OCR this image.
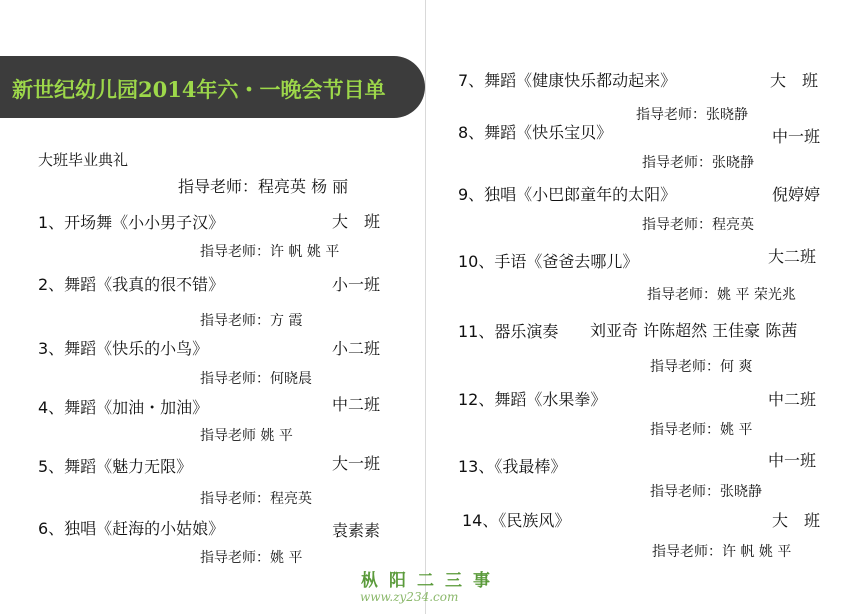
新世纪幼儿园2014年六・一晚会节目单
大班毕业典礼
指导老师：程亮英 杨 丽
1、开场舞《小小男子汉》	大　班
指导老师：许 帆 姚 平
2、舞蹈《我真的很不错》	小一班
指导老师：方 霞
3、舞蹈《快乐的小鸟》	小二班
指导老师：何晓晨
4、舞蹈《加油・加油》	中二班
指导老师 姚 平
5、舞蹈《魅力无限》	大一班
指导老师：程亮英
6、独唱《赶海的小姑娘》	袁素素
指导老师：姚 平
7、舞蹈《健康快乐都动起来》	大　班
指导老师：张晓静
8、舞蹈《快乐宝贝》	中一班
指导老师：张晓静
9、独唱《小巴郎童年的太阳》	倪婷婷
指导老师：程亮英
10、手语《爸爸去哪儿》	大二班
指导老师：姚 平 荣光兆
11、器乐演奏 刘亚奇 许陈超然 王佳豪 陈茜
指导老师：何 爽
12、舞蹈《水果拳》	中二班
指导老师：姚 平
13、《我最棒》	中一班
指导老师：张晓静
14、《民族风》	大　班
指导老师：许 帆 姚 平
枞阳二三事
www.zy234.com
